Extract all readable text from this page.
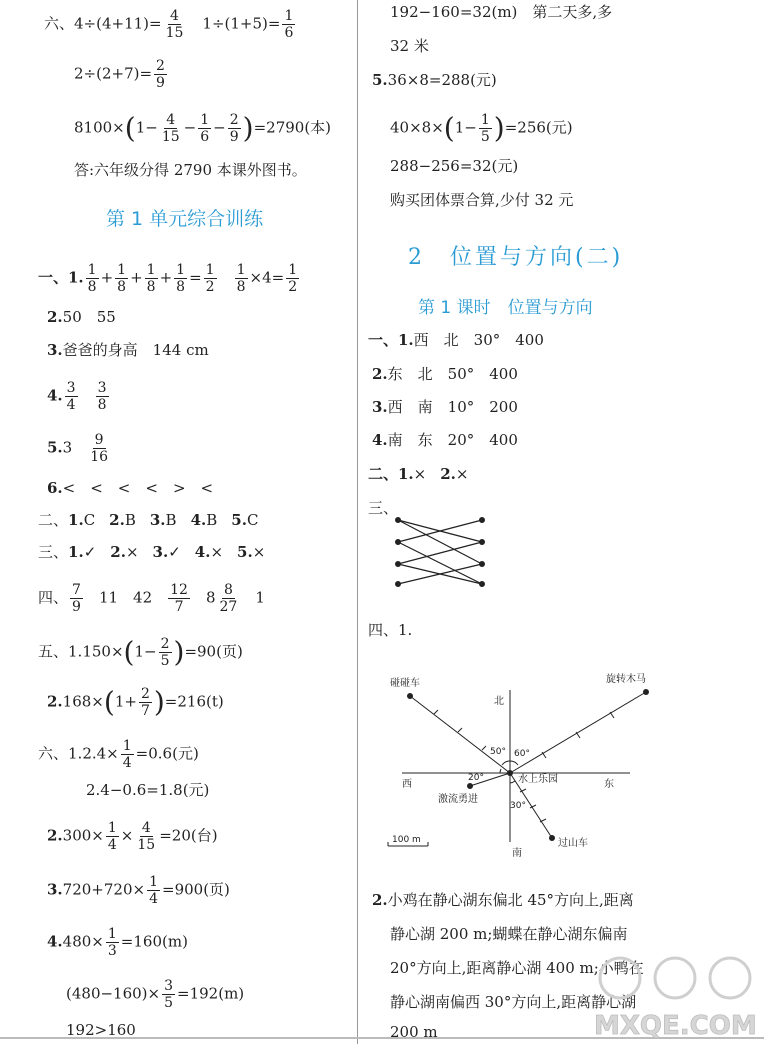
六、$4\div(4+11)= \frac{4}{15}$ 　$1\div(1+5)= \frac{1}{6}$
$2\div(2+7)= \frac{2}{9}$
$8100\times(1- \frac{4}{15} - \frac{1}{6} - \frac{2}{9} )=2790$(本)
答:六年级分得 2790 本课外图书。
第 1 单元综合训练
一、1. $\frac{1}{8} + \frac{1}{8} + \frac{1}{8} + \frac{1}{8} = \frac{1}{2} \frac{1}{8} \times 4= \frac{1}{2}$
2.50　55
3.爸爸的身高　144 cm
4. $\frac{3}{4} \frac{3}{8}$
$5.3 \frac{9}{16}$
6.<　<　<　<　>　<
二、1.C 2.B 3.B 4.B 5.C
三、1.✓ 2.× 3.✓ 4.× 5.×
四、 $\frac{7}{9} 11$　$42 \frac{12}{7} 8 \frac{8}{27} 1$
五、$1.150\times(1- \frac{2}{5} )=90$(页)
$2.168\times(1+ \frac{2}{7} )=216(t)$
六、$1.2.4\times \frac{1}{4} =0.6$(元)
2.4−0.6=1.8(元)
$2.300\times \frac{1}{4} \times \frac{4}{15} =20$(台)
$3.720+720\times \frac{1}{4} =900$(页)
$4.480\times \frac{1}{3} =160(m)$
$(480-160)\times \frac{3}{5} =192(m)$
192>160
192−160=32(m)　第二天多,多
32 米
5.36×8=288(元)
$40\times 8\times(1- \frac{1}{5} )=256$(元)
288−256=32(元)
购买团体票合算,少付 32 元
2　位置与方向(二)
第 1 课时　位置与方向
一、1.西　北　30°　400
2.东　北　50°　400
3.西　南　10°　200
4.南　东　20°　400
二、1.× 2.×
三、
四、1.
碰碰车	旋转木马
北
西	东
南
50° 60°
20°
30°
水上乐园
激流勇进
过山车
100 m
2.小鸡在静心湖东偏北 45°方向上,距离
静心湖 200 m;蝴蝶在静心湖东偏南
20°方向上,距离静心湖 400 m;小鸭在
静心湖南偏西 30°方向上,距离静心湖
200 m	MXQE.COM
